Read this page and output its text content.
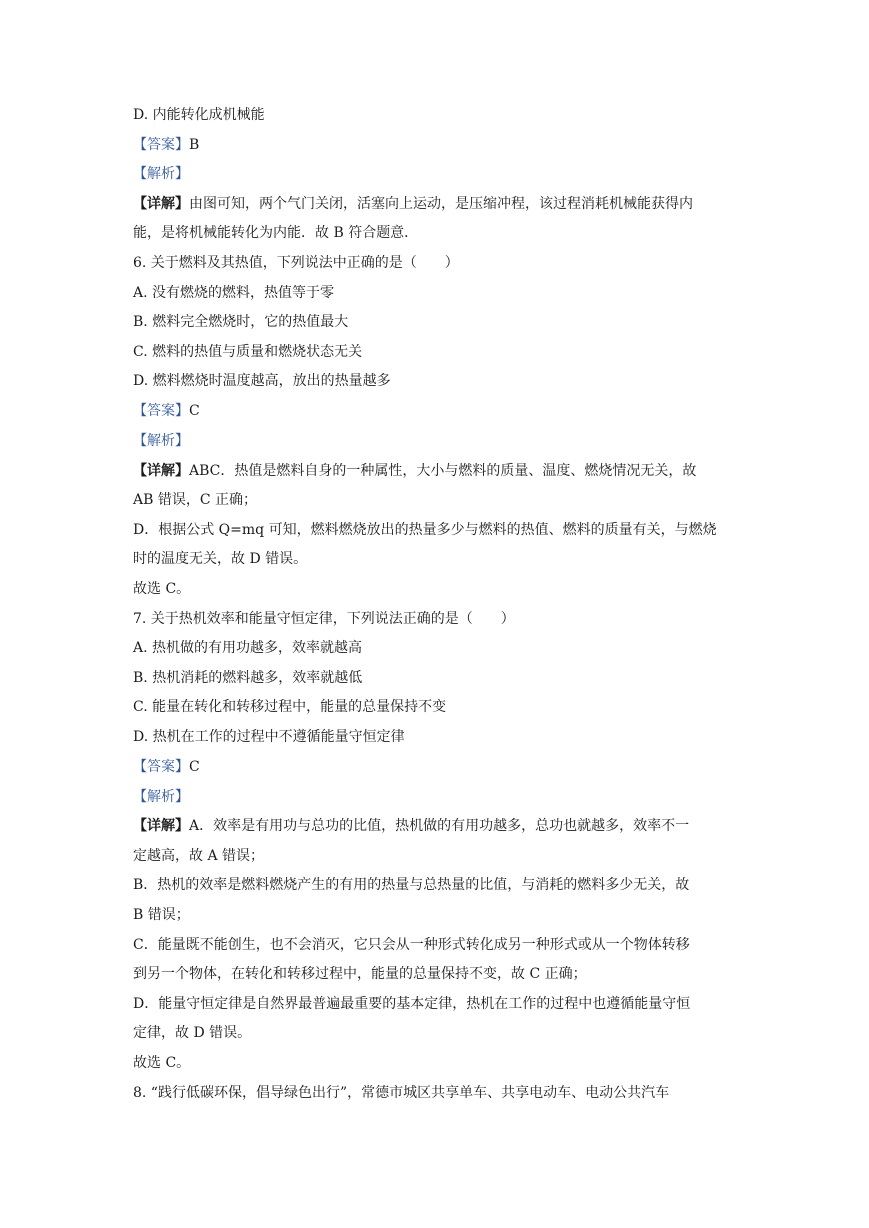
D. 内能转化成机械能
【答案】B
【解析】
【详解】由图可知，两个气门关闭，活塞向上运动，是压缩冲程，该过程消耗机械能获得内
能，是将机械能转化为内能．故 B 符合题意．
6. 关于燃料及其热值，下列说法中正确的是（　　）
A. 没有燃烧的燃料，热值等于零
B. 燃料完全燃烧时，它的热值最大
C. 燃料的热值与质量和燃烧状态无关
D. 燃料燃烧时温度越高，放出的热量越多
【答案】C
【解析】
【详解】ABC．热值是燃料自身的一种属性，大小与燃料的质量、温度、燃烧情况无关，故
AB 错误，C 正确；
D．根据公式 Q=mq 可知，燃料燃烧放出的热量多少与燃料的热值、燃料的质量有关，与燃烧
时的温度无关，故 D 错误。
故选 C。
7. 关于热机效率和能量守恒定律，下列说法正确的是（　　）
A. 热机做的有用功越多，效率就越高
B. 热机消耗的燃料越多，效率就越低
C. 能量在转化和转移过程中，能量的总量保持不变
D. 热机在工作的过程中不遵循能量守恒定律
【答案】C
【解析】
【详解】A．效率是有用功与总功的比值，热机做的有用功越多，总功也就越多，效率不一
定越高，故 A 错误；
B．热机的效率是燃料燃烧产生的有用的热量与总热量的比值，与消耗的燃料多少无关，故
B 错误；
C．能量既不能创生，也不会消灭，它只会从一种形式转化成另一种形式或从一个物体转移
到另一个物体，在转化和转移过程中，能量的总量保持不变，故 C 正确；
D．能量守恒定律是自然界最普遍最重要的基本定律，热机在工作的过程中也遵循能量守恒
定律，故 D 错误。
故选 C。
8. “践行低碳环保，倡导绿色出行”，常德市城区共享单车、共享电动车、电动公共汽车
